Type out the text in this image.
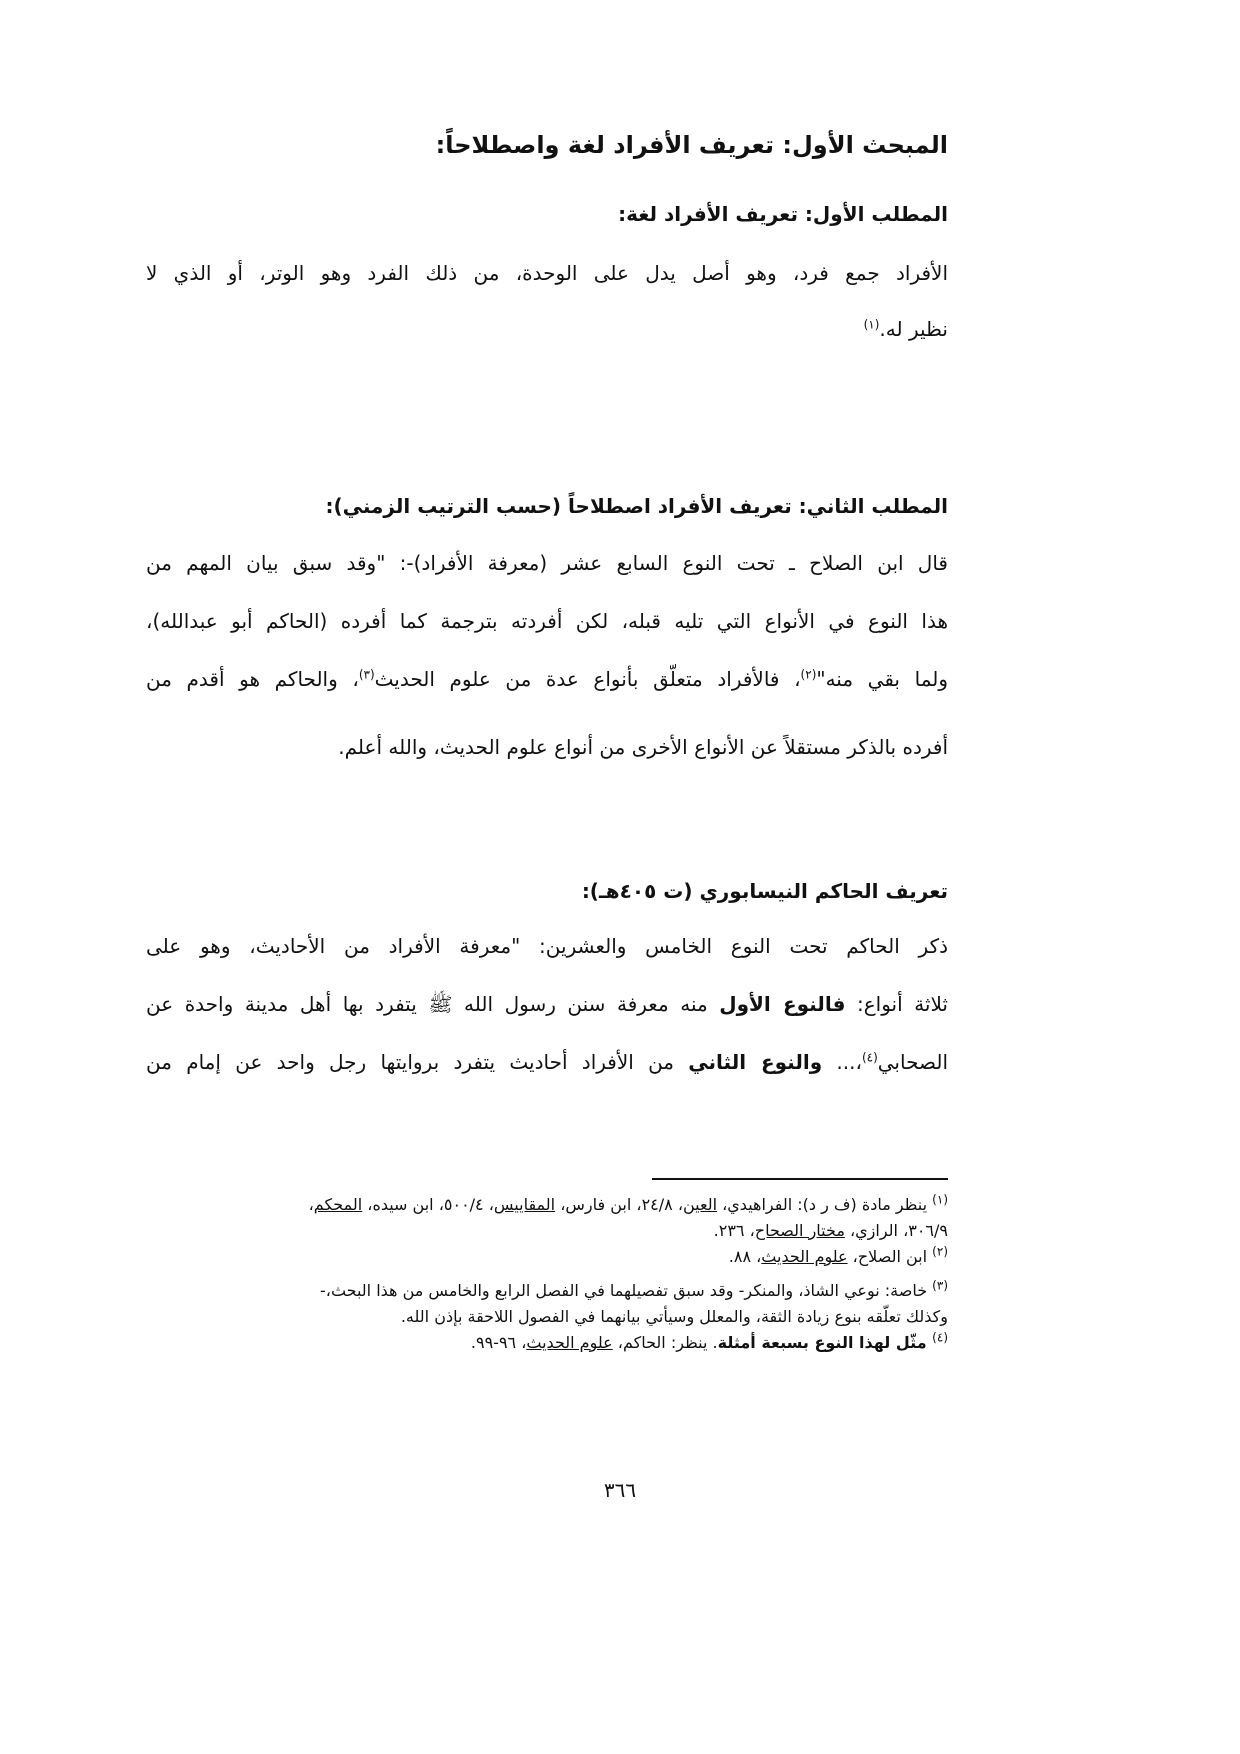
المبحث الأول: تعريف الأفراد لغة واصطلاحاً:
المطلب الأول: تعريف الأفراد لغة:
الأفراد جمع فرد، وهو أصل يدل على الوحدة، من ذلك الفرد وهو الوتر، أو الذي لا
نظير له.$^{(١)}$
المطلب الثاني: تعريف الأفراد اصطلاحاً (حسب الترتيب الزمني):
قال ابن الصلاح ـ تحت النوع السابع عشر (معرفة الأفراد)-: "وقد سبق بيان المهم من
هذا النوع في الأنواع التي تليه قبله، لكن أفردته بترجمة كما أفرده (الحاكم أبو عبدالله)،
ولما بقي منه"$^{(٢)}$، فالأفراد متعلّق بأنواع عدة من علوم الحديث$^{(٣)}$، والحاكم هو أقدم من
أفرده بالذكر مستقلاً عن الأنواع الأخرى من أنواع علوم الحديث، والله أعلم.
تعريف الحاكم النيسابوري (ت ٤٠٥هـ):
ذكر الحاكم تحت النوع الخامس والعشرين: "معرفة الأفراد من الأحاديث، وهو على
ثلاثة أنواع: فالنوع الأول منه معرفة سنن رسول الله ﷺ يتفرد بها أهل مدينة واحدة عن
الصحابي$^{(٤)}$،... والنوع الثاني من الأفراد أحاديث يتفرد بروايتها رجل واحد عن إمام من
$^{(١)}$ ينظر مادة (ف ر د): الفراهيدي، العين، ٢٤/٨، ابن فارس، المقاييس، ٥٠٠/٤، ابن سيده، المحكم،
٣٠٦/٩، الرازي، مختار الصحاح، ٢٣٦.
$^{(٢)}$ ابن الصلاح، علوم الحديث، ٨٨.
$^{(٣)}$ خاصة: نوعي الشاذ، والمنكر- وقد سبق تفصيلهما في الفصل الرابع والخامس من هذا البحث،-
وكذلك تعلّقه بنوع زيادة الثقة، والمعلل وسيأتي بيانهما في الفصول اللاحقة بإذن الله.
$^{(٤)}$ مثّل لهذا النوع بسبعة أمثلة. ينظر: الحاكم، علوم الحديث، ٩٦-٩٩.
٣٦٦
